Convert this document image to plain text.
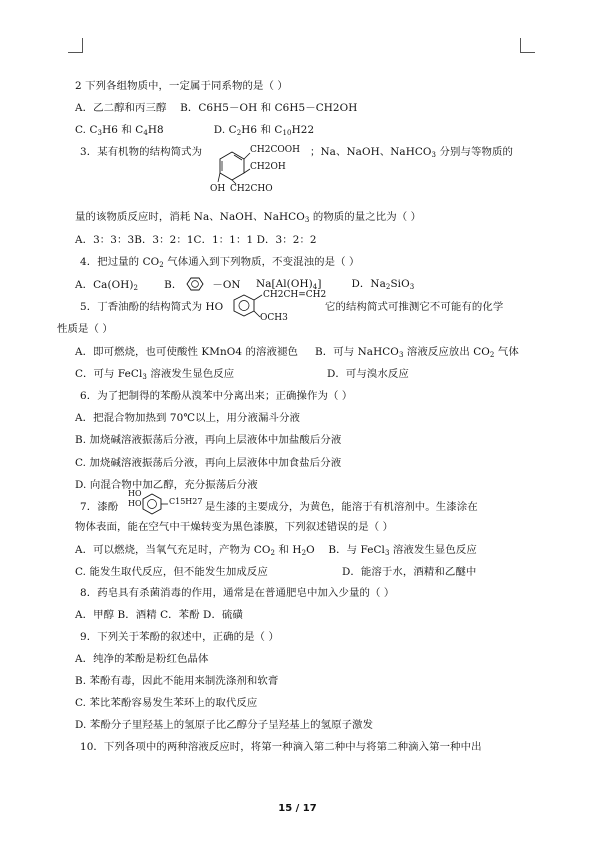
2 下列各组物质中，一定属于同系物的是（ ）
A．乙二醇和丙三醇 B．C6H5－OH 和 C6H5－CH2OH
C. $C_3H6$ 和 $C_4H8$	D. $C_2H6$ 和 $C_{10}H22$
3．某有机物的结构简式为	CH2COOH
CH2OH
OH CH2CHO
；Na、NaOH、NaHCO$_3$ 分别与等物质的
量的该物质反应时，消耗 Na、NaOH、NaHCO$_3$ 的物质的量之比为（ ）
A．3：3：3B．3：2：1C．1：1：1 D．3：2：2
4．把过量的 $CO_2$ 气体通入到下列物质，不变混浊的是（ ）
A．$Ca(OH)_2$	B．	－ON $Na[Al(OH)_4]$	D．$Na_2SiO_3$
5．丁香油酚的结构简式为 HO
CH2CH=CH2
OCH3
它的结构简式可推测它不可能有的化学
性质是（ ）
A．即可燃烧，也可使酸性 KMnO4 的溶液褪色 B．可与 NaHCO$_3$ 溶液反应放出 $CO_2$ 气体
C．可与 FeCl$_3$ 溶液发生显色反应	D．可与溴水反应
6．为了把制得的苯酚从溴苯中分离出来；正确操作为（ ）
A．把混合物加热到 70℃以上，用分液漏斗分液
B. 加烧碱溶液振荡后分液，再向上层液体中加盐酸后分液
C. 加烧碱溶液振荡后分液，再向上层液体中加食盐后分液
D. 向混合物中加乙醇，充分振荡后分液
7．漆酚
HO
HO	C15H27 是生漆的主要成分，为黄色，能溶于有机溶剂中。生漆涂在
物体表面，能在空气中干燥转变为黑色漆膜，下列叙述错误的是（ ）
A．可以燃烧，当氧气充足时，产物为 $CO_2$ 和 $H_2O$ B．与 FeCl$_3$ 溶液发生显色反应
C. 能发生取代反应，但不能发生加成反应	D．能溶于水，酒精和乙醚中
8．药皂具有杀菌消毒的作用，通常是在普通肥皂中加入少量的（ ）
A．甲醇 B．酒精 C．苯酚 D．硫磺
9．下列关于苯酚的叙述中，正确的是（ ）
A．纯净的苯酚是粉红色晶体
B. 苯酚有毒，因此不能用来制洗涤剂和软膏
C. 苯比苯酚容易发生苯环上的取代反应
D. 苯酚分子里羟基上的氢原子比乙醇分子呈羟基上的氢原子激发
10．下列各项中的两种溶液反应时，将第一种滴入第二种中与将第二种滴入第一种中出
15 / 17
